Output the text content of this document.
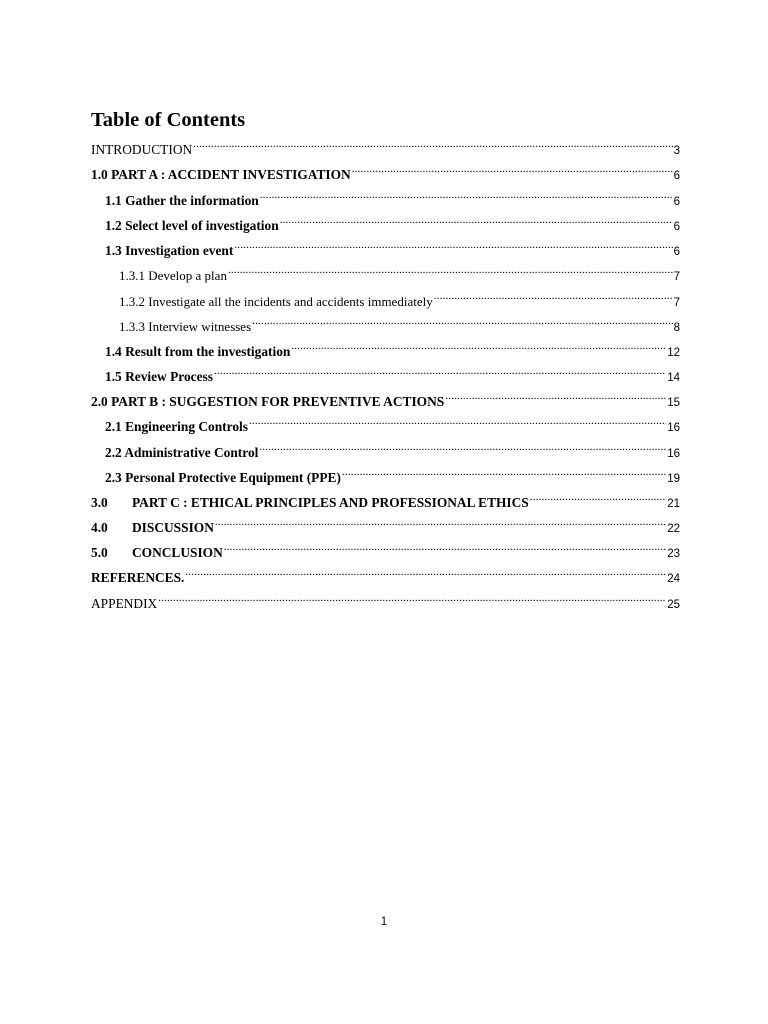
Table of Contents
INTRODUCTION .....	3
1.0 PART A : ACCIDENT INVESTIGATION .....	6
1.1 Gather the information .....	6
1.2 Select level of investigation .....	6
1.3 Investigation event .....	6
1.3.1 Develop a plan .....	7
1.3.2 Investigate all the incidents and accidents immediately .....	7
1.3.3 Interview witnesses .....	8
1.4 Result from the investigation .....	12
1.5 Review Process .....	14
2.0 PART B : SUGGESTION FOR PREVENTIVE ACTIONS .....	15
2.1 Engineering Controls .....	16
2.2 Administrative Control .....	16
2.3 Personal Protective Equipment (PPE) .....	19
3.0	PART C : ETHICAL PRINCIPLES AND PROFESSIONAL ETHICS .....	21
4.0	DISCUSSION .....	22
5.0	CONCLUSION .....	23
REFERENCES. .....	24
APPENDIX .....	25
1
